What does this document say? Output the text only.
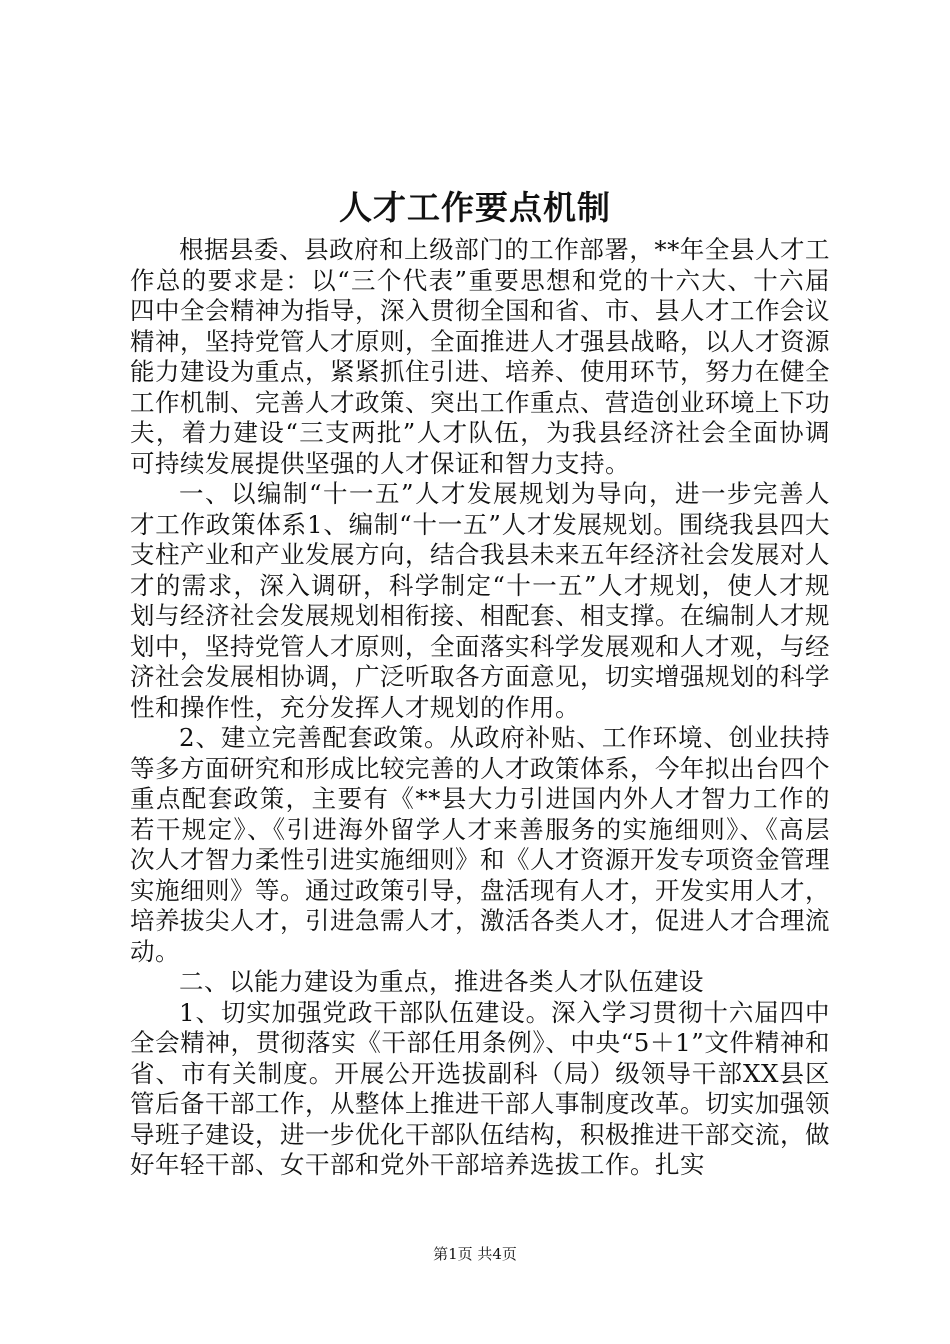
人才工作要点机制

根据县委、县政府和上级部门的工作部署，**年全县人才工作总的要求是：以“三个代表”重要思想和党的十六大、十六届四中全会精神为指导，深入贯彻全国和省、市、县人才工作会议精神，坚持党管人才原则，全面推进人才强县战略，以人才资源能力建设为重点，紧紧抓住引进、培养、使用环节，努力在健全工作机制、完善人才政策、突出工作重点、营造创业环境上下功夫，着力建设“三支两批”人才队伍，为我县经济社会全面协调可持续发展提供坚强的人才保证和智力支持。

一、以编制“十一五”人才发展规划为导向，进一步完善人才工作政策体系1、编制“十一五”人才发展规划。围绕我县四大支柱产业和产业发展方向，结合我县未来五年经济社会发展对人才的需求，深入调研，科学制定“十一五”人才规划，使人才规划与经济社会发展规划相衔接、相配套、相支撑。在编制人才规划中，坚持党管人才原则，全面落实科学发展观和人才观，与经济社会发展相协调，广泛听取各方面意见，切实增强规划的科学性和操作性，充分发挥人才规划的作用。

2、建立完善配套政策。从政府补贴、工作环境、创业扶持等多方面研究和形成比较完善的人才政策体系，今年拟出台四个重点配套政策，主要有《**县大力引进国内外人才智力工作的若干规定》、《引进海外留学人才来善服务的实施细则》、《高层次人才智力柔性引进实施细则》和《人才资源开发专项资金管理实施细则》等。通过政策引导，盘活现有人才，开发实用人才，培养拔尖人才，引进急需人才，激活各类人才，促进人才合理流动。

二、以能力建设为重点，推进各类人才队伍建设

1、切实加强党政干部队伍建设。深入学习贯彻十六届四中全会精神，贯彻落实《干部任用条例》、中央“5＋1”文件精神和省、市有关制度。开展公开选拔副科（局）级领导干部XX县区管后备干部工作，从整体上推进干部人事制度改革。切实加强领导班子建设，进一步优化干部队伍结构，积极推进干部交流，做好年轻干部、女干部和党外干部培养选拔工作。扎实

第1页 共4页
